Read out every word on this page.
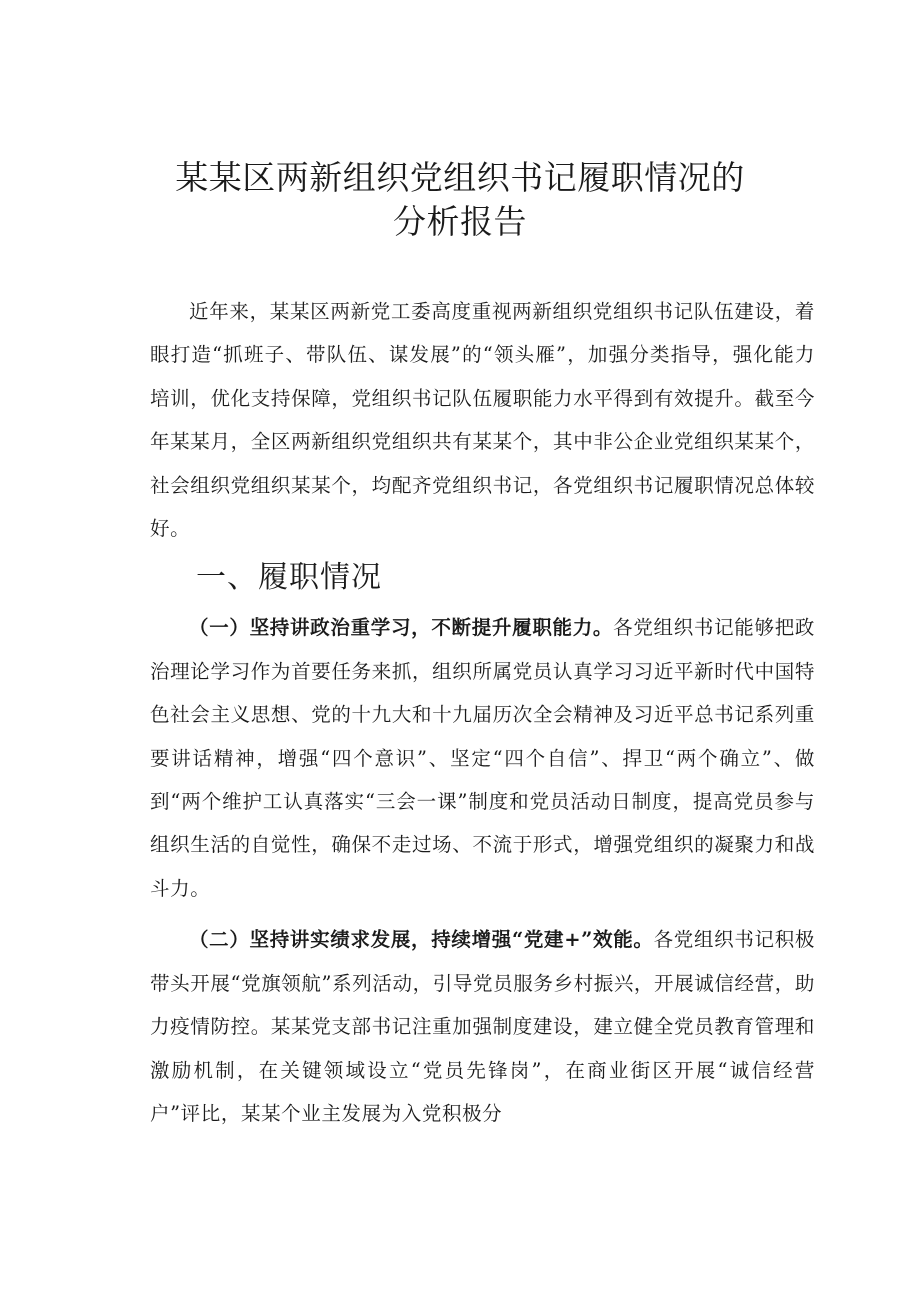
某某区两新组织党组织书记履职情况的
分析报告

近年来，某某区两新党工委高度重视两新组织党组织书记队伍建设，着眼打造“抓班子、带队伍、谋发展”的“领头雁”，加强分类指导，强化能力培训，优化支持保障，党组织书记队伍履职能力水平得到有效提升。截至今年某某月，全区两新组织党组织共有某某个，其中非公企业党组织某某个，社会组织党组织某某个，均配齐党组织书记，各党组织书记履职情况总体较好。

一、履职情况

（一）坚持讲政治重学习，不断提升履职能力。各党组织书记能够把政治理论学习作为首要任务来抓，组织所属党员认真学习习近平新时代中国特色社会主义思想、党的十九大和十九届历次全会精神及习近平总书记系列重要讲话精神，增强“四个意识”、坚定“四个自信”、捍卫“两个确立”、做到“两个维护工认真落实“三会一课”制度和党员活动日制度，提高党员参与组织生活的自觉性，确保不走过场、不流于形式，增强党组织的凝聚力和战斗力。

（二）坚持讲实绩求发展，持续增强“党建+”效能。各党组织书记积极带头开展“党旗领航”系列活动，引导党员服务乡村振兴，开展诚信经营，助力疫情防控。某某党支部书记注重加强制度建设，建立健全党员教育管理和激励机制，在关键领域设立“党员先锋岗”，在商业街区开展“诚信经营户”评比，某某个业主发展为入党积极分
